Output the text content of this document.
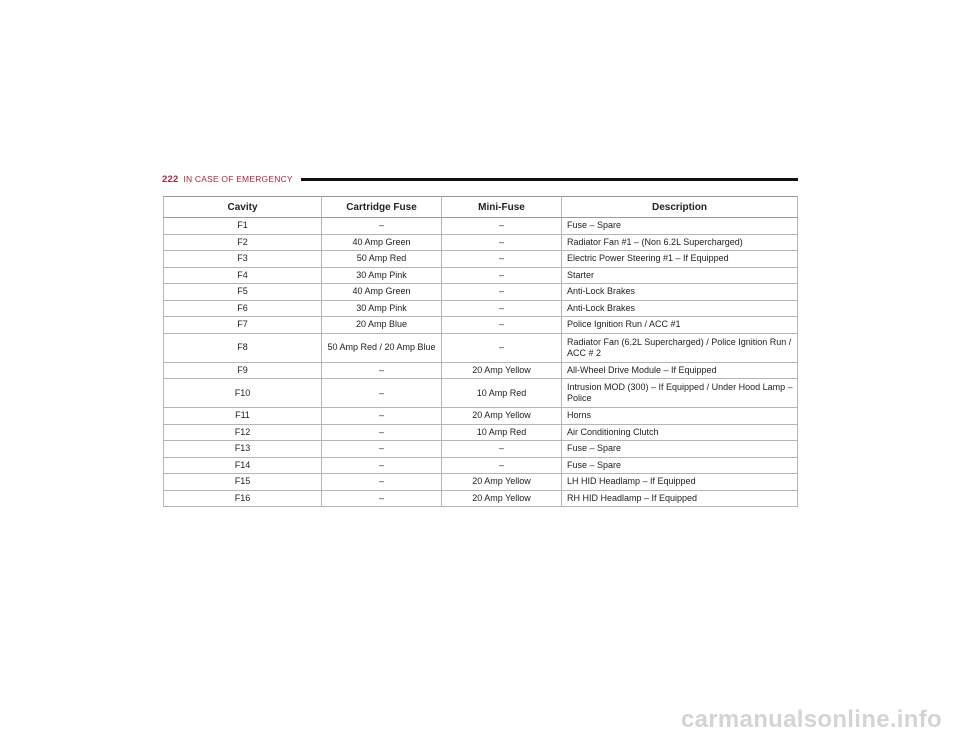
222 IN CASE OF EMERGENCY
Cavity	Cartridge Fuse	Mini-Fuse	Description
F1	–	–	Fuse – Spare
F2	40 Amp Green	–	Radiator Fan #1 – (Non 6.2L Supercharged)
F3	50 Amp Red	–	Electric Power Steering #1 – If Equipped
F4	30 Amp Pink	–	Starter
F5	40 Amp Green	–	Anti-Lock Brakes
F6	30 Amp Pink	–	Anti-Lock Brakes
F7	20 Amp Blue	–	Police Ignition Run / ACC #1
F8	50 Amp Red / 20 Amp Blue	–	Radiator Fan (6.2L Supercharged) / Police Ignition Run / ACC # 2
F9	–	20 Amp Yellow	All-Wheel Drive Module – If Equipped
F10	–	10 Amp Red	Intrusion MOD (300) – If Equipped / Under Hood Lamp – Police
F11	–	20 Amp Yellow	Horns
F12	–	10 Amp Red	Air Conditioning Clutch
F13	–	–	Fuse – Spare
F14	–	–	Fuse – Spare
F15	–	20 Amp Yellow	LH HID Headlamp – If Equipped
F16	–	20 Amp Yellow	RH HID Headlamp – If Equipped
carmanualsonline.info
